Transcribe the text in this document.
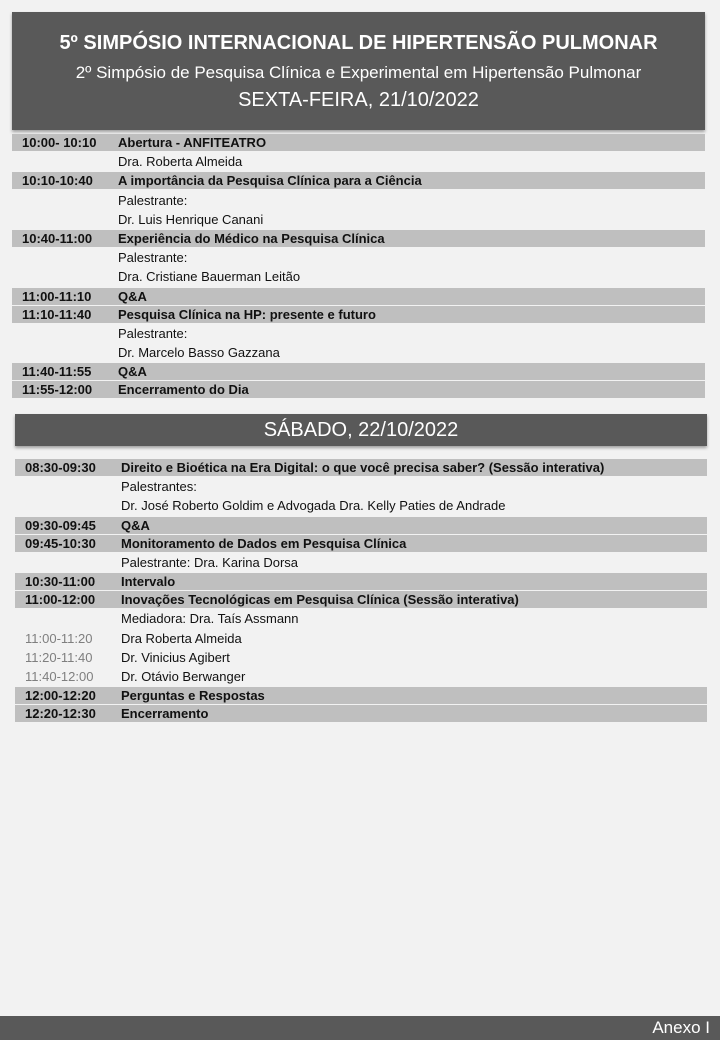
5º SIMPÓSIO INTERNACIONAL DE HIPERTENSÃO PULMONAR
2º Simpósio de Pesquisa Clínica e Experimental em Hipertensão Pulmonar
SEXTA-FEIRA, 21/10/2022
10:00- 10:10 Abertura - ANFITEATRO
Dra. Roberta Almeida
10:10-10:40 A importância da Pesquisa Clínica para a Ciência
Palestrante:
Dr. Luis Henrique Canani
10:40-11:00 Experiência do Médico na Pesquisa Clínica
Palestrante:
Dra. Cristiane Bauerman Leitão
11:00-11:10 Q&A
11:10-11:40 Pesquisa Clínica na HP: presente e futuro
Palestrante:
Dr. Marcelo Basso Gazzana
11:40-11:55 Q&A
11:55-12:00 Encerramento do Dia
SÁBADO, 22/10/2022
08:30-09:30 Direito e Bioética na Era Digital: o que você precisa saber? (Sessão interativa)
Palestrantes:
Dr. José Roberto Goldim e Advogada Dra. Kelly Paties de Andrade
09:30-09:45 Q&A
09:45-10:30 Monitoramento de Dados em Pesquisa Clínica
Palestrante: Dra. Karina Dorsa
10:30-11:00 Intervalo
11:00-12:00 Inovações Tecnológicas em Pesquisa Clínica (Sessão interativa)
Mediadora: Dra. Taís Assmann
11:00-11:20 Dra Roberta Almeida
11:20-11:40 Dr. Vinicius Agibert
11:40-12:00 Dr. Otávio Berwanger
12:00-12:20 Perguntas e Respostas
12:20-12:30 Encerramento
Anexo I
